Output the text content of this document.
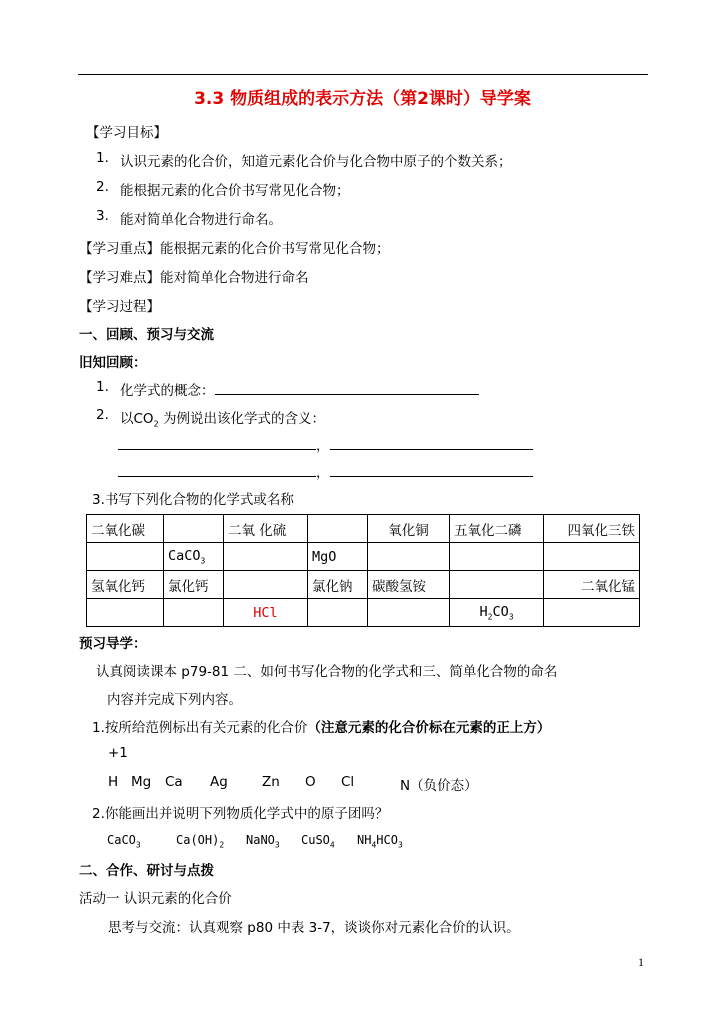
3.3 物质组成的表示方法（第2课时）导学案
【学习目标】
1. 认识元素的化合价，知道元素化合价与化合物中原子的个数关系；
2. 能根据元素的化合价书写常见化合物；
3. 能对简单化合物进行命名。
【学习重点】能根据元素的化合价书写常见化合物；
【学习难点】能对简单化合物进行命名
【学习过程】
一、回顾、预习与交流
旧知回顾：
1. 化学式的概念：
2. 以$CO_2$ 为例说出该化学式的含义：
，
，
3.书写下列化合物的化学式或名称
二氧化碳		二氧 化硫		氧化铜	五氧化二磷	四氧化三铁
	CaCO$_3$		MgO			
氢氧化钙	氯化钙		氯化钠	碳酸氢铵		二氧化锰
		HCl			$H_2CO_3$	
预习导学：
认真阅读课本 p79-81 二、如何书写化合物的化学式和三、简单化合物的命名
内容并完成下列内容。
1.按所给范例标出有关元素的化合价（注意元素的化合价标在元素的正上方）
+1
H Mg Ca Ag	Zn O Cl	N（负价态）
2.你能画出并说明下列物质化学式中的原子团吗？
CaCO$_3$	$Ca(OH)_2$ NaNO$_3$ CuSO$_4$ $NH_4HCO_3$
二、合作、研讨与点拨
活动一 认识元素的化合价
思考与交流：认真观察 p80 中表 3-7，谈谈你对元素化合价的认识。
1
